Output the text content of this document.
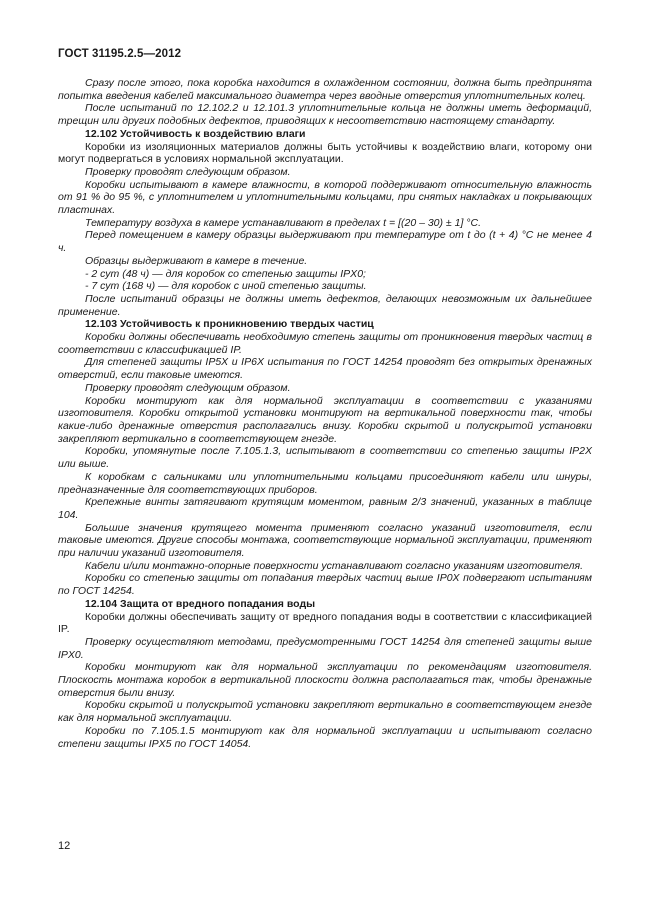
ГОСТ 31195.2.5—2012

Сразу после этого, пока коробка находится в охлажденном состоянии, должна быть предпринята попытка введения кабелей максимального диаметра через вводные отверстия уплотнительных колец.

После испытаний по 12.102.2 и 12.101.3 уплотнительные кольца не должны иметь деформаций, трещин или других подобных дефектов, приводящих к несоответствию настоящему стандарту.

12.102 Устойчивость к воздействию влаги

Коробки из изоляционных материалов должны быть устойчивы к воздействию влаги, которому они могут подвергаться в условиях нормальной эксплуатации.

Проверку проводят следующим образом.

Коробки испытывают в камере влажности, в которой поддерживают относительную влажность от 91 % до 95 %, с уплотнителем и уплотнительными кольцами, при снятых накладках и покрывающих пластинах.

Температуру воздуха в камере устанавливают в пределах t = [(20 – 30) ± 1] °C.

Перед помещением в камеру образцы выдерживают при температуре от t до (t + 4) °C не менее 4 ч.

Образцы выдерживают в камере в течение.

- 2 сут (48 ч) — для коробок со степенью защиты IPX0;

- 7 сут (168 ч) — для коробок с иной степенью защиты.

После испытаний образцы не должны иметь дефектов, делающих невозможным их дальнейшее применение.

12.103 Устойчивость к проникновению твердых частиц

Коробки должны обеспечивать необходимую степень защиты от проникновения твердых частиц в соответствии с классификацией IP.

Для степеней защиты IP5X и IP6X испытания по ГОСТ 14254 проводят без открытых дренажных отверстий, если таковые имеются.

Проверку проводят следующим образом.

Коробки монтируют как для нормальной эксплуатации в соответствии с указаниями изготовителя. Коробки открытой установки монтируют на вертикальной поверхности так, чтобы какие-либо дренажные отверстия располагались внизу. Коробки скрытой и полускрытой установки закрепляют вертикально в соответствующем гнезде.

Коробки, упомянутые после 7.105.1.3, испытывают в соответствии со степенью защиты IP2X или выше.

К коробкам с сальниками или уплотнительными кольцами присоединяют кабели или шнуры, предназначенные для соответствующих приборов.

Крепежные винты затягивают крутящим моментом, равным 2/3 значений, указанных в таблице 104.

Большие значения крутящего момента применяют согласно указаний изготовителя, если таковые имеются. Другие способы монтажа, соответствующие нормальной эксплуатации, применяют при наличии указаний изготовителя.

Кабели и/или монтажно-опорные поверхности устанавливают согласно указаниям изготовителя.

Коробки со степенью защиты от попадания твердых частиц выше IP0X подвергают испытаниям по ГОСТ 14254.

12.104 Защита от вредного попадания воды

Коробки должны обеспечивать защиту от вредного попадания воды в соответствии с классификацией IP.

Проверку осуществляют методами, предусмотренными ГОСТ 14254 для степеней защиты выше IPX0.

Коробки монтируют как для нормальной эксплуатации по рекомендациям изготовителя. Плоскость монтажа коробок в вертикальной плоскости должна располагаться так, чтобы дренажные отверстия были внизу.

Коробки скрытой и полускрытой установки закрепляют вертикально в соответствующем гнезде как для нормальной эксплуатации.

Коробки по 7.105.1.5 монтируют как для нормальной эксплуатации и испытывают согласно степени защиты IPX5 по ГОСТ 14054.

12
